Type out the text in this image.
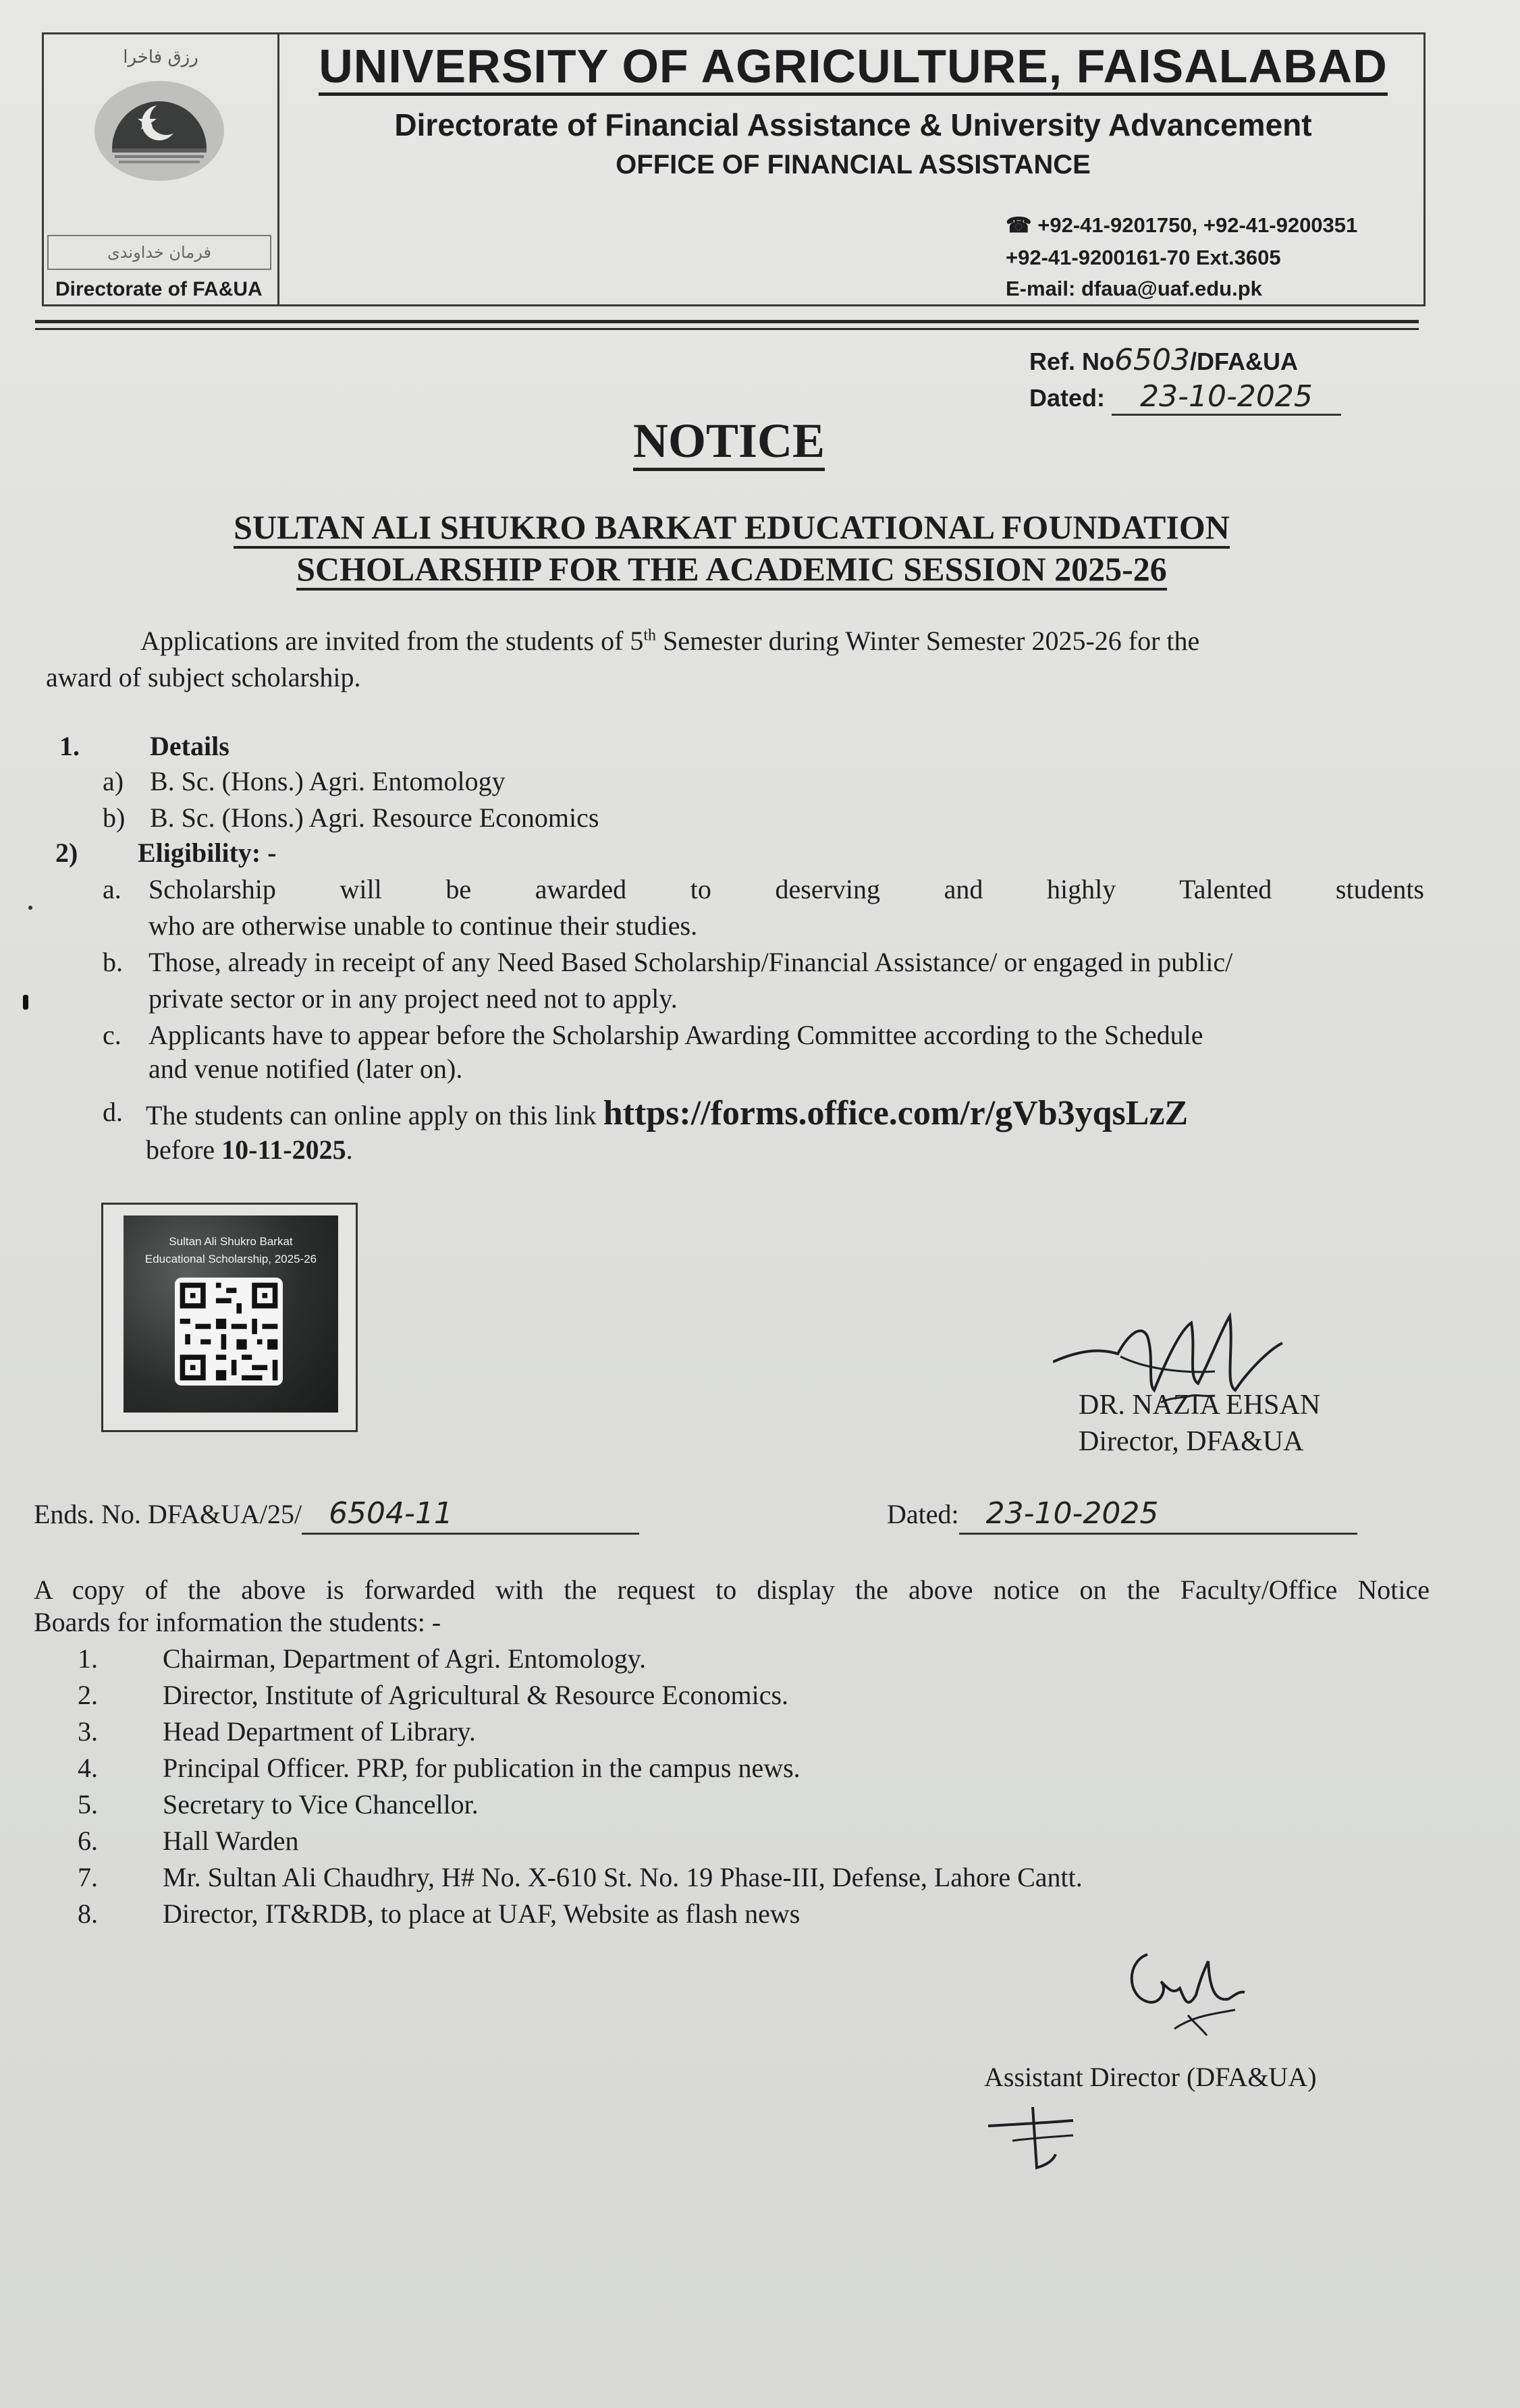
رزق فاخرا
فرمان خداوندی
Directorate of FA&UA
UNIVERSITY OF AGRICULTURE, FAISALABAD
Directorate of Financial Assistance & University Advancement
OFFICE OF FINANCIAL ASSISTANCE
☎ +92-41-9201750, +92-41-9200351
+92-41-9200161-70 Ext.3605
E-mail: dfaua@uaf.edu.pk
Ref. No6503/DFA&UA
Dated: 23-10-2025
NOTICE
SULTAN ALI SHUKRO BARKAT EDUCATIONAL FOUNDATION
SCHOLARSHIP FOR THE ACADEMIC SESSION 2025-26
Applications are invited from the students of 5th Semester during Winter Semester 2025-26 for the
award of subject scholarship.
1.	Details
a) B. Sc. (Hons.) Agri. Entomology
b) B. Sc. (Hons.) Agri. Resource Economics
2) Eligibility: -
a. Scholarship will be awarded to deserving and highly Talented students
who are otherwise unable to continue their studies.
b. Those, already in receipt of any Need Based Scholarship/Financial Assistance/ or engaged in public/
private sector or in any project need not to apply.
c. Applicants have to appear before the Scholarship Awarding Committee according to the Schedule
and venue notified (later on).
d. The students can online apply on this link https://forms.office.com/r/gVb3yqsLzZ
before 10-11-2025.
Sultan Ali Shukro Barkat
Educational Scholarship, 2025-26
DR. NAZIA EHSAN
Director, DFA&UA
Ends. No. DFA&UA/25/ 6504-11	Dated: 23-10-2025
A copy of the above is forwarded with the request to display the above notice on the Faculty/Office Notice
Boards for information the students: -
1. Chairman, Department of Agri. Entomology.
2. Director, Institute of Agricultural & Resource Economics.
3. Head Department of Library.
4. Principal Officer. PRP, for publication in the campus news.
5. Secretary to Vice Chancellor.
6. Hall Warden
7. Mr. Sultan Ali Chaudhry, H# No. X-610 St. No. 19 Phase-III, Defense, Lahore Cantt.
8. Director, IT&RDB, to place at UAF, Website as flash news
Assistant Director (DFA&UA)
